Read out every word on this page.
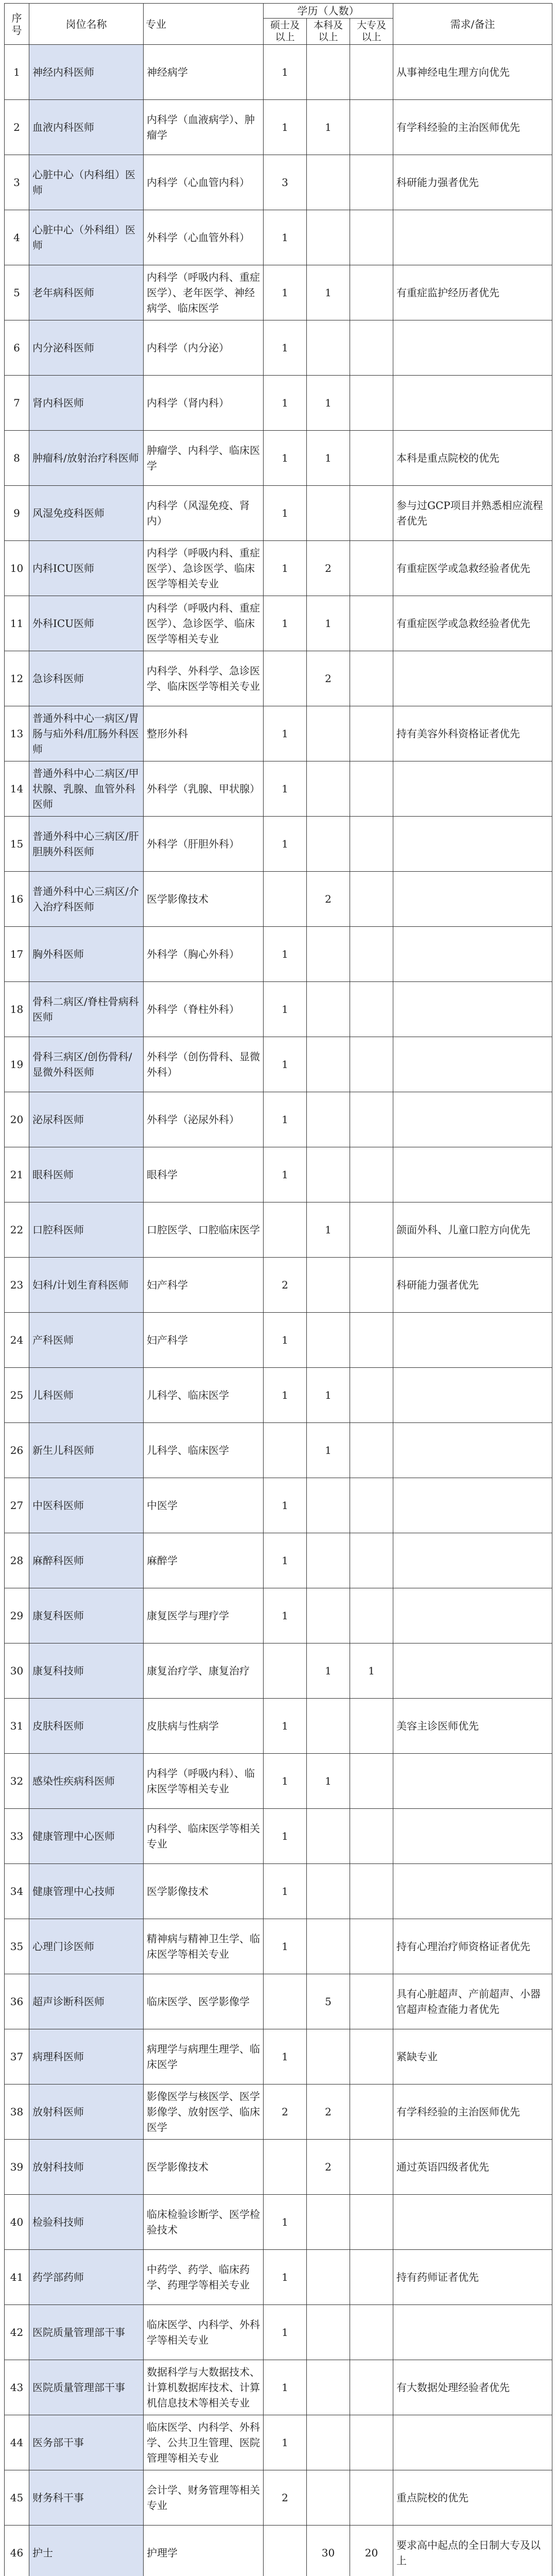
序号	岗位名称	专业	学历（人数）			需求/备注
			硕士及以上	本科及以上	大专及以上	
1	神经内科医师	神经病学	1			从事神经电生理方向优先
2	血液内科医师	内科学（血液病学）、肿瘤学	1	1		有学科经验的主治医师优先
3	心脏中心（内科组）医师	内科学（心血管内科）	3			科研能力强者优先
4	心脏中心（外科组）医师	外科学（心血管外科）	1			
5	老年病科医师	内科学（呼吸内科、重症医学）、老年医学、神经病学、临床医学	1	1		有重症监护经历者优先
6	内分泌科医师	内科学（内分泌）	1			
7	肾内科医师	内科学（肾内科）	1	1		
8	肿瘤科/放射治疗科医师	肿瘤学、内科学、临床医学	1	1		本科是重点院校的优先
9	风湿免疫科医师	内科学（风湿免疫、肾内）	1			参与过GCP项目并熟悉相应流程者优先
10	内科ICU医师	内科学（呼吸内科、重症医学）、急诊医学、临床医学等相关专业	1	2		有重症医学或急救经验者优先
11	外科ICU医师	内科学（呼吸内科、重症医学）、急诊医学、临床医学等相关专业	1	1		有重症医学或急救经验者优先
12	急诊科医师	内科学、外科学、急诊医学、临床医学等相关专业		2		
13	普通外科中心一病区/胃肠与疝外科/肛肠外科医师	整形外科	1			持有美容外科资格证者优先
14	普通外科中心二病区/甲状腺、乳腺、血管外科医师	外科学（乳腺、甲状腺）	1			
15	普通外科中心三病区/肝胆胰外科医师	外科学（肝胆外科）	1			
16	普通外科中心三病区/介入治疗科医师	医学影像技术		2		
17	胸外科医师	外科学（胸心外科）	1			
18	骨科二病区/脊柱骨病科医师	外科学（脊柱外科）	1			
19	骨科三病区/创伤骨科/显微外科医师	外科学（创伤骨科、显微外科）	1			
20	泌尿科医师	外科学（泌尿外科）	1			
21	眼科医师	眼科学	1			
22	口腔科医师	口腔医学、口腔临床医学		1		颌面外科、儿童口腔方向优先
23	妇科/计划生育科医师	妇产科学	2			科研能力强者优先
24	产科医师	妇产科学	1			
25	儿科医师	儿科学、临床医学	1	1		
26	新生儿科医师	儿科学、临床医学		1		
27	中医科医师	中医学	1			
28	麻醉科医师	麻醉学	1			
29	康复科医师	康复医学与理疗学	1			
30	康复科技师	康复治疗学、康复治疗		1	1	
31	皮肤科医师	皮肤病与性病学	1			美容主诊医师优先
32	感染性疾病科医师	内科学（呼吸内科）、临床医学等相关专业	1	1		
33	健康管理中心医师	内科学、临床医学等相关专业	1			
34	健康管理中心技师	医学影像技术	1			
35	心理门诊医师	精神病与精神卫生学、临床医学等相关专业	1			持有心理治疗师资格证者优先
36	超声诊断科医师	临床医学、医学影像学		5		具有心脏超声、产前超声、小器官超声检查能力者优先
37	病理科医师	病理学与病理生理学、临床医学	1			紧缺专业
38	放射科医师	影像医学与核医学、医学影像学、放射医学、临床医学	2	2		有学科经验的主治医师优先
39	放射科技师	医学影像技术		2		通过英语四级者优先
40	检验科技师	临床检验诊断学、医学检验技术	1			
41	药学部药师	中药学、药学、临床药学、药理学等相关专业	1			持有药师证者优先
42	医院质量管理部干事	临床医学、内科学、外科学等相关专业	1			
43	医院质量管理部干事	数据科学与大数据技术、计算机数据库技术、计算机信息技术等相关专业	1			有大数据处理经验者优先
44	医务部干事	临床医学、内科学、外科学、公共卫生管理、医院管理等相关专业	1			
45	财务科干事	会计学、财务管理等相关专业	2			重点院校的优先
46	护士	护理学		30	20	要求高中起点的全日制大专及以上
